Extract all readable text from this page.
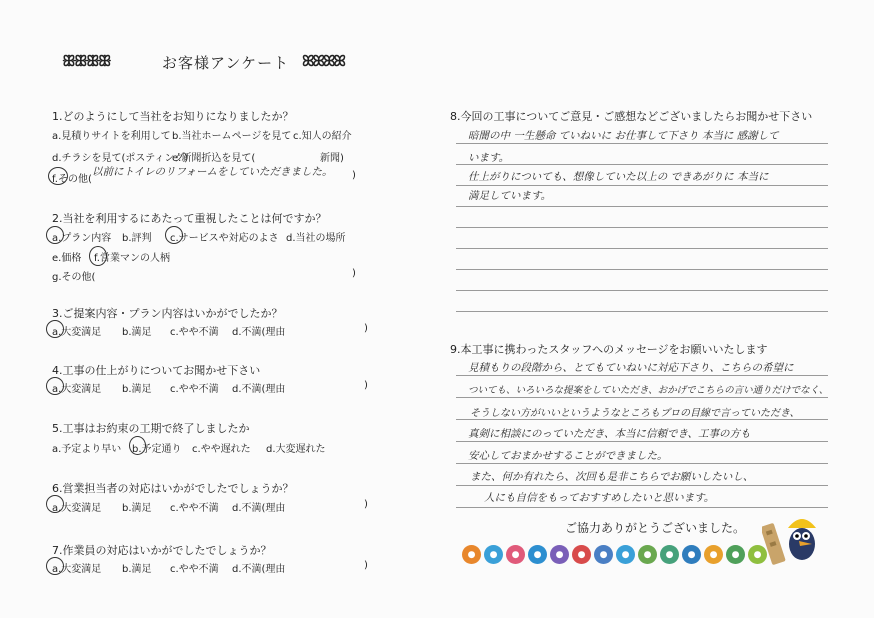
ꕥꕥꕥꕥ	お客様アンケート ꕤꕤꕤꕤ
1.どのようにして当社をお知りになりましたか？
a.見積りサイトを利用して b.当社ホームページを見て c.知人の紹介
d.チラシを見て(ポスティング)
e.新聞折込を見て(	新聞)
f.その他(
以前にトイレのリフォームをしていただきました。 )
2.当社を利用するにあたって重視したことは何ですか？
a.プラン内容 b.評判 c.サービスや対応のよさ d.当社の場所
e.価格 f.営業マンの人柄
g.その他(	)
3.ご提案内容・プラン内容はいかがでしたか？
a.大変満足 b.満足 c.やや不満 d.不満(理由	)
4.工事の仕上がりについてお聞かせ下さい
a.大変満足 b.満足 c.やや不満 d.不満(理由	)
5.工事はお約束の工期で終了しましたか
a.予定より早い b.予定通り c.やや遅れた d.大変遅れた
6.営業担当者の対応はいかがでしたでしょうか？
a.大変満足 b.満足 c.やや不満 d.不満(理由	)
7.作業員の対応はいかがでしたでしょうか？
a.大変満足 b.満足 c.やや不満 d.不満(理由	)
8.今回の工事についてご意見・ご感想などございましたらお聞かせ下さい
暗闇の中 一生懸命 ていねいに お仕事して下さり 本当に 感謝して
います。
仕上がりについても、想像していた以上の できあがりに 本当に
満足しています。
9.本工事に携わったスタッフへのメッセージをお願いいたします
見積もりの段階から、とてもていねいに対応下さり、こちらの希望に
ついても、いろいろな提案をしていただき、おかげでこちらの言い通りだけでなく、
そうしない方がいいというようなところもプロの目線で言っていただき、
真剣に相談にのっていただき、本当に信頼でき、工事の方も
安心しておまかせすることができました。
また、何か有れたら、次回も是非こちらでお願いしたいし、
人にも自信をもっておすすめしたいと思います。
ご協力ありがとうございました。
●	●	●	●	●	●	●	●	●	●	●	●	●	●
